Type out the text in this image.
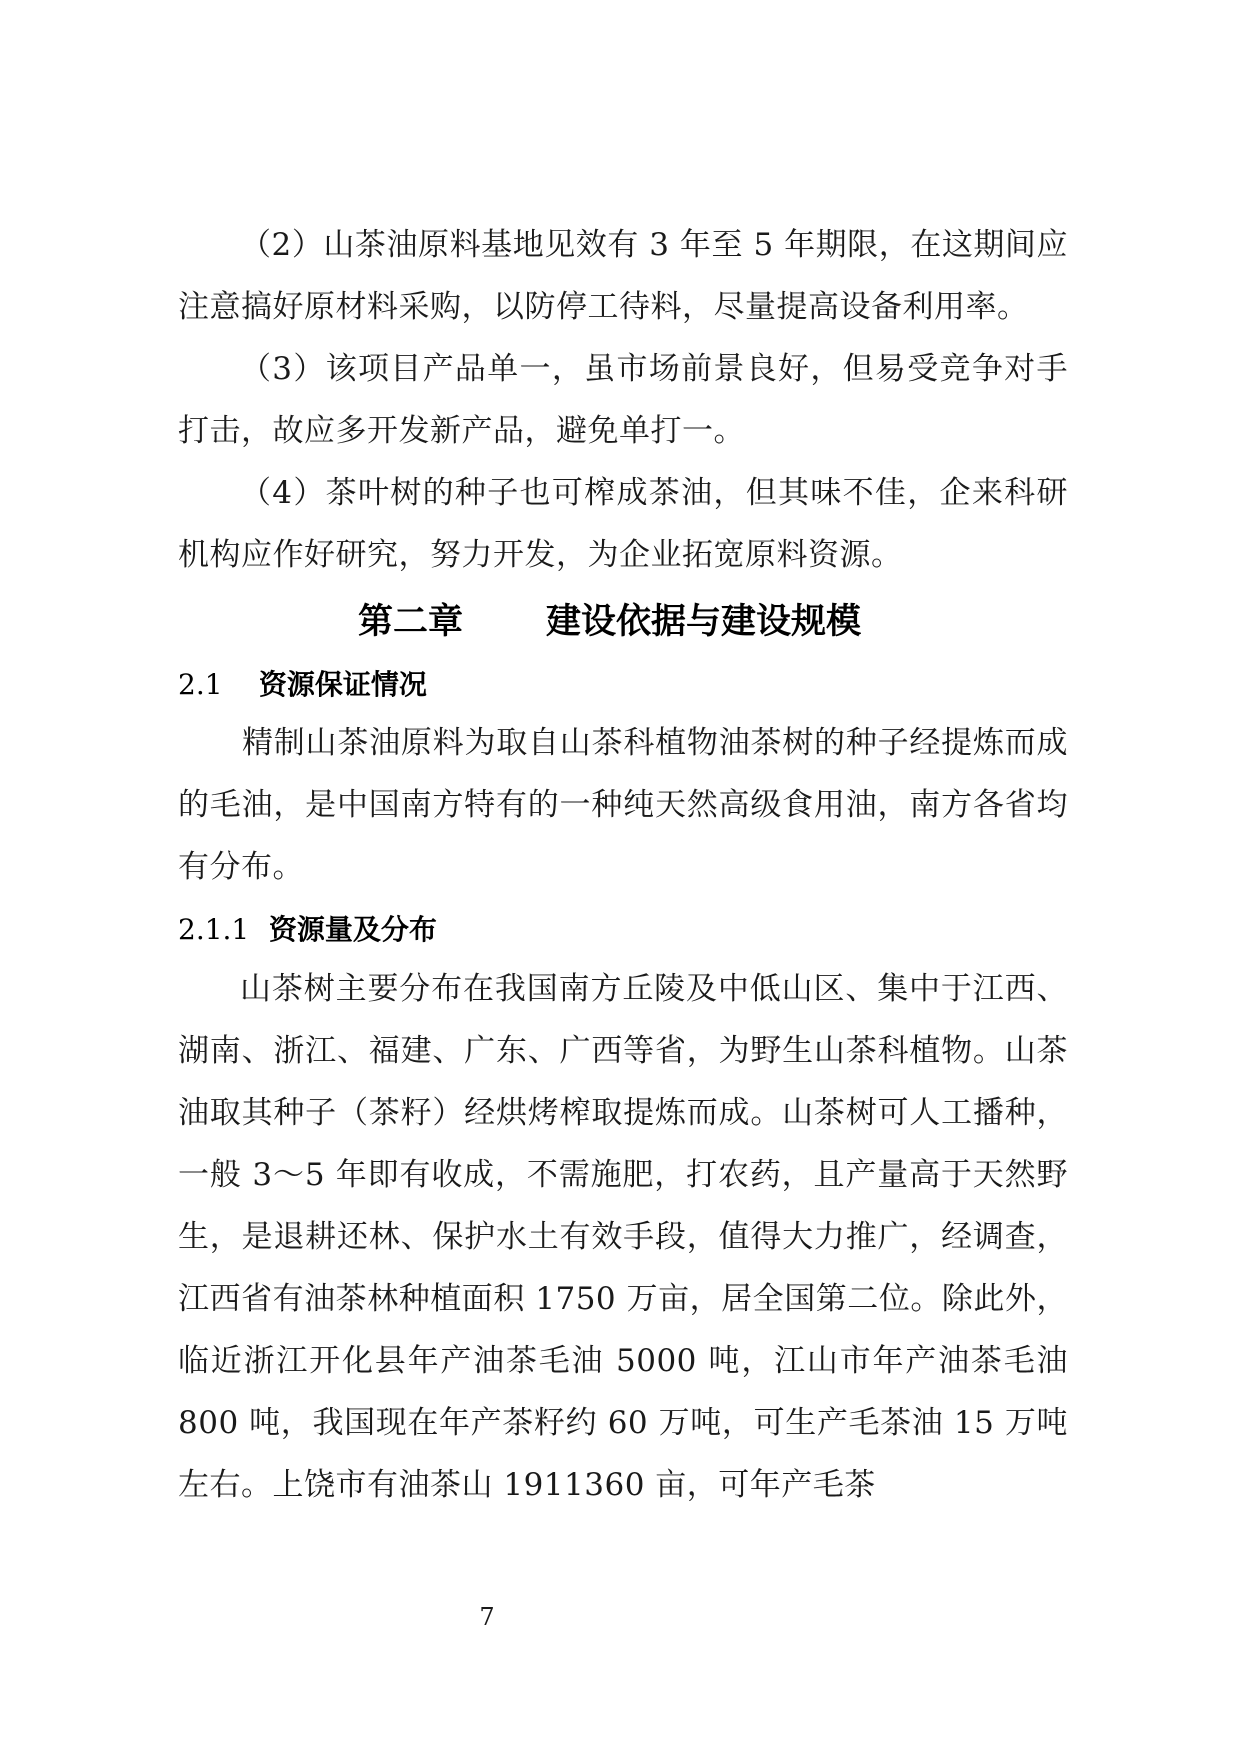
（2）山茶油原料基地见效有 3 年至 5 年期限，在这期间应注意搞好原材料采购，以防停工待料，尽量提高设备利用率。

（3）该项目产品单一，虽市场前景良好，但易受竞争对手打击，故应多开发新产品，避免单打一。

（4）茶叶树的种子也可榨成茶油，但其味不佳，企来科研机构应作好研究，努力开发，为企业拓宽原料资源。

第二章 建设依据与建设规模
2.1 资源保证情况

精制山茶油原料为取自山茶科植物油茶树的种子经提炼而成的毛油，是中国南方特有的一种纯天然高级食用油，南方各省均有分布。

2.1.1 资源量及分布

山茶树主要分布在我国南方丘陵及中低山区、集中于江西、湖南、浙江、福建、广东、广西等省，为野生山茶科植物。山茶油取其种子（茶籽）经烘烤榨取提炼而成。山茶树可人工播种，一般 3～5 年即有收成，不需施肥，打农药，且产量高于天然野生，是退耕还林、保护水土有效手段，值得大力推广，经调查，江西省有油茶林种植面积 1750 万亩，居全国第二位。除此外，临近浙江开化县年产油茶毛油 5000 吨，江山市年产油茶毛油 800 吨，我国现在年产茶籽约 60 万吨，可生产毛茶油 15 万吨左右。上饶市有油茶山 1911360 亩，可年产毛茶

7
